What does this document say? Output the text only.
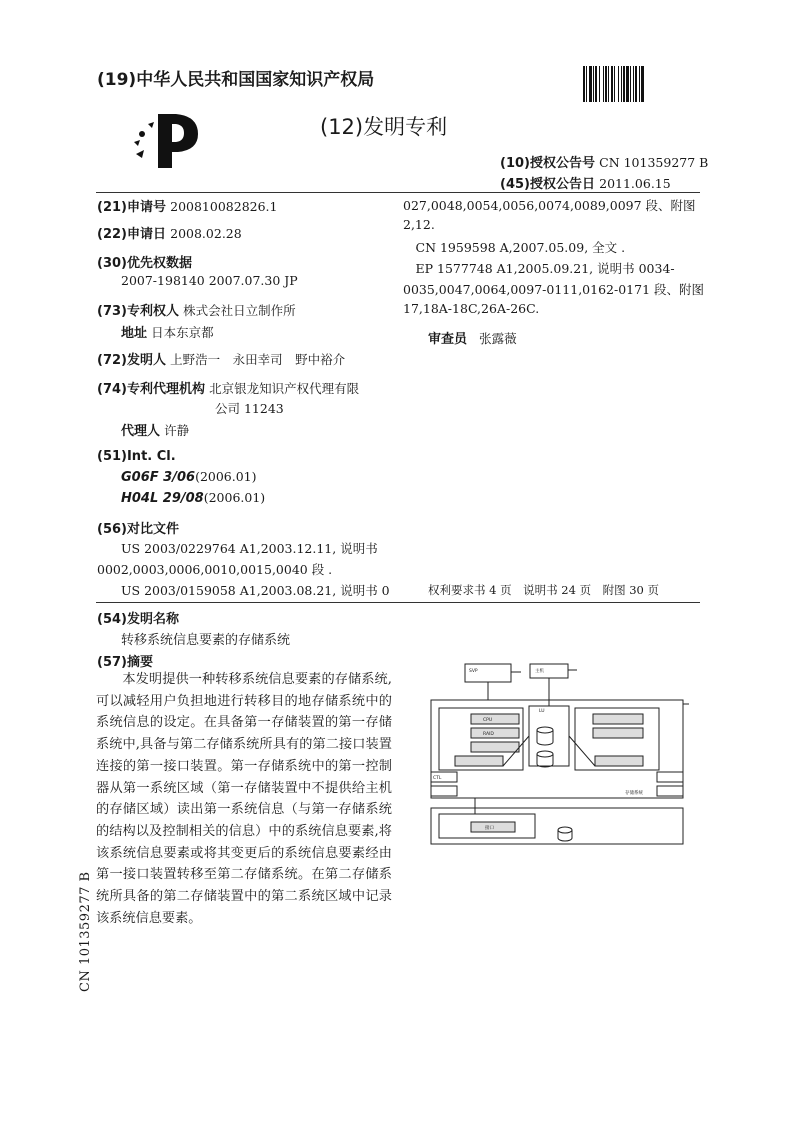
(19)中华人民共和国国家知识产权局
(12)发明专利
(10)授权公告号 CN 101359277 B
(45)授权公告日 2011.06.15
CN 101359277 B
(21)申请号 200810082826.1
(22)申请日 2008.02.28
(30)优先权数据
2007-198140 2007.07.30 JP
(73)专利权人 株式会社日立制作所
地址 日本东京都
(72)发明人 上野浩一　永田幸司　野中裕介
(74)专利代理机构 北京银龙知识产权代理有限
公司 11243
代理人 许静
(51)Int. Cl.
G06F 3/06(2006.01)
H04L 29/08(2006.01)
(56)对比文件
US 2003/0229764 A1,2003.12.11, 说明书
0002,0003,0006,0010,0015,0040 段 .
US 2003/0159058 A1,2003.08.21, 说明书 0
027,0048,0054,0056,0074,0089,0097 段、附图
2,12.
　CN 1959598 A,2007.05.09, 全文 .
　EP 1577748 A1,2005.09.21, 说明书 0034-
0035,0047,0064,0097-0111,0162-0171 段、附图
17,18A-18C,26A-26C.
审查员 张露薇
权利要求书 4 页　说明书 24 页　附图 30 页
(54)发明名称
转移系统信息要素的存储系统
(57)摘要
本发明提供一种转移系统信息要素的存储系统,可以减轻用户负担地进行转移目的地存储系统中的系统信息的设定。在具备第一存储装置的第一存储系统中,具备与第二存储系统所具有的第二接口装置连接的第一接口装置。第一存储系统中的第一控制器从第一系统区域（第一存储装置中不提供给主机的存储区域）读出第一系统信息（与第一存储系统的结构以及控制相关的信息）中的系统信息要素,将该系统信息要素或将其变更后的系统信息要素经由第一接口装置转移至第二存储系统。在第二存储系统所具备的第二存储装置中的第二系统区域中记录该系统信息要素。
SVP	主机
CPU
RAID
CTL
LU
存储系统
接口
